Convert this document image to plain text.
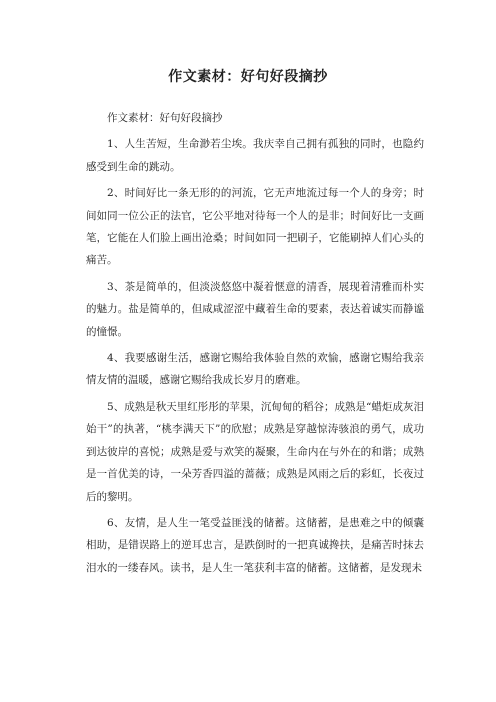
作文素材：好句好段摘抄

作文素材：好句好段摘抄

1、人生苦短，生命渺若尘埃。我庆幸自己拥有孤独的同时，也隐约感受到生命的跳动。

2、时间好比一条无形的的河流，它无声地流过每一个人的身旁；时间如同一位公正的法官，它公平地对待每一个人的是非；时间好比一支画笔，它能在人们脸上画出沧桑；时间如同一把刷子，它能刷掉人们心头的痛苦。

3、茶是简单的，但淡淡悠悠中凝着惬意的清香，展现着清雅而朴实的魅力。盐是简单的，但咸咸涩涩中藏着生命的要素，表达着诚实而静谧的憧憬。

4、我要感谢生活，感谢它赐给我体验自然的欢愉，感谢它赐给我亲情友情的温暖，感谢它赐给我成长岁月的磨难。

5、成熟是秋天里红彤彤的苹果，沉甸甸的稻谷；成熟是“蜡炬成灰泪始干”的执著，“桃李满天下”的欣慰；成熟是穿越惊涛骇浪的勇气，成功到达彼岸的喜悦；成熟是爱与欢笑的凝聚，生命内在与外在的和谐；成熟是一首优美的诗，一朵芳香四溢的蔷薇；成熟是风雨之后的彩虹，长夜过后的黎明。

6、友情，是人生一笔受益匪浅的储蓄。这储蓄，是患难之中的倾囊相助，是错误路上的逆耳忠言，是跌倒时的一把真诚搀扶，是痛苦时抹去泪水的一缕春风。读书，是人生一笔获利丰富的储蓄。这储蓄，是发现未
